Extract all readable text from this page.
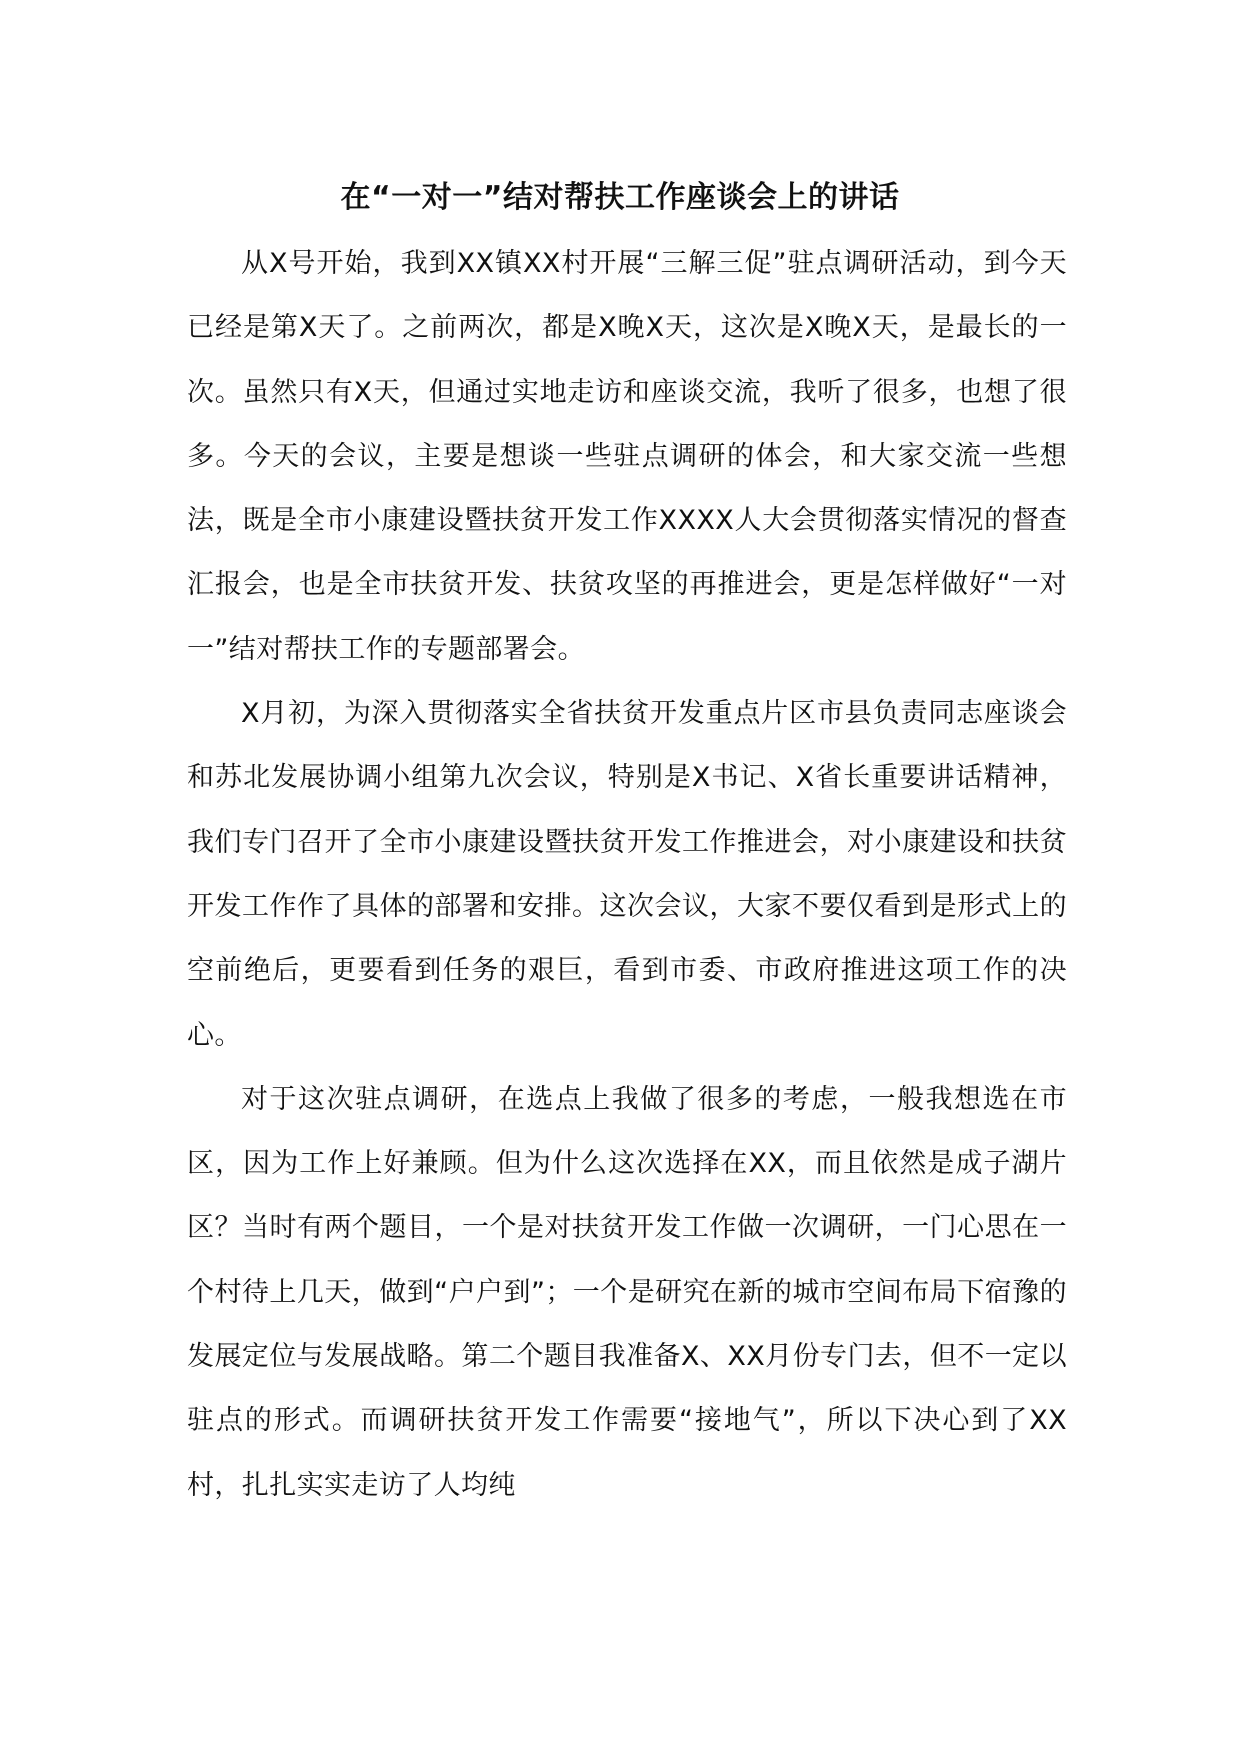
在“一对一”结对帮扶工作座谈会上的讲话

从X号开始，我到XX镇XX村开展“三解三促”驻点调研活动，到今天已经是第X天了。之前两次，都是X晚X天，这次是X晚X天，是最长的一次。虽然只有X天，但通过实地走访和座谈交流，我听了很多，也想了很多。今天的会议，主要是想谈一些驻点调研的体会，和大家交流一些想法，既是全市小康建设暨扶贫开发工作XXXX人大会贯彻落实情况的督查汇报会，也是全市扶贫开发、扶贫攻坚的再推进会，更是怎样做好“一对一”结对帮扶工作的专题部署会。

X月初，为深入贯彻落实全省扶贫开发重点片区市县负责同志座谈会和苏北发展协调小组第九次会议，特别是X书记、X省长重要讲话精神，我们专门召开了全市小康建设暨扶贫开发工作推进会，对小康建设和扶贫开发工作作了具体的部署和安排。这次会议，大家不要仅看到是形式上的空前绝后，更要看到任务的艰巨，看到市委、市政府推进这项工作的决心。

对于这次驻点调研，在选点上我做了很多的考虑，一般我想选在市区，因为工作上好兼顾。但为什么这次选择在XX，而且依然是成子湖片区？当时有两个题目，一个是对扶贫开发工作做一次调研，一门心思在一个村待上几天，做到“户户到”；一个是研究在新的城市空间布局下宿豫的发展定位与发展战略。第二个题目我准备X、XX月份专门去，但不一定以驻点的形式。而调研扶贫开发工作需要“接地气”，所以下决心到了XX村，扎扎实实走访了人均纯
